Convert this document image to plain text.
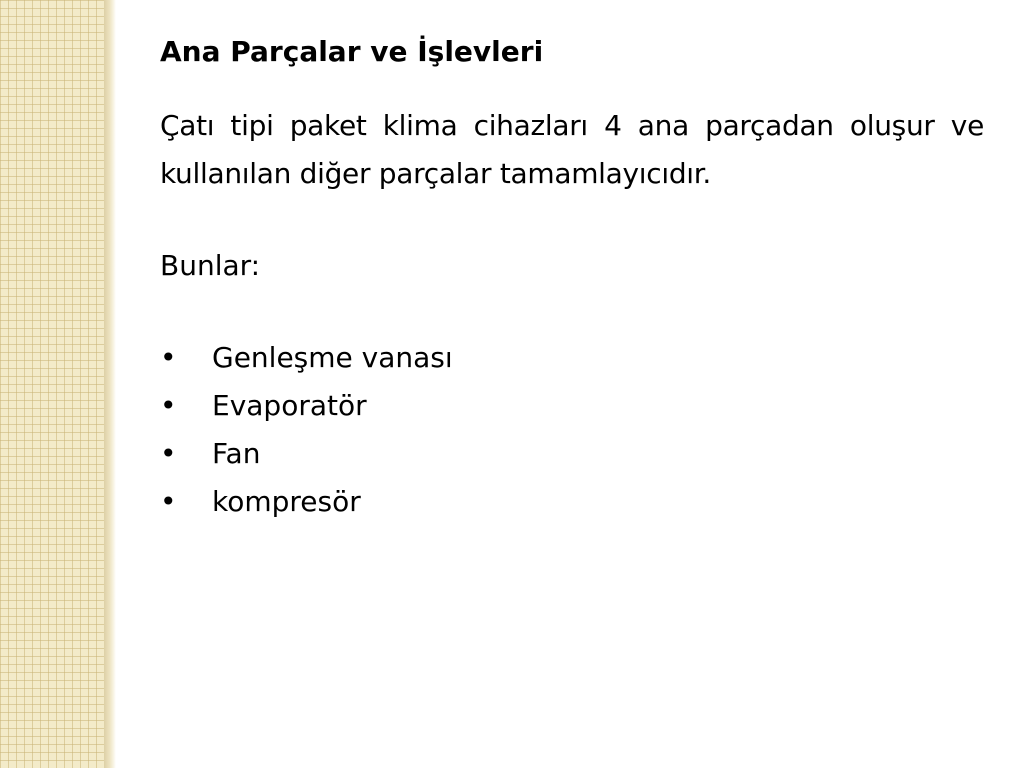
Ana Parçalar ve İşlevleri

Çatı tipi paket klima cihazları 4 ana parçadan oluşur ve kullanılan diğer parçalar tamamlayıcıdır.

Bunlar:

• Genleşme vanası
• Evaporatör
• Fan
• kompresör
